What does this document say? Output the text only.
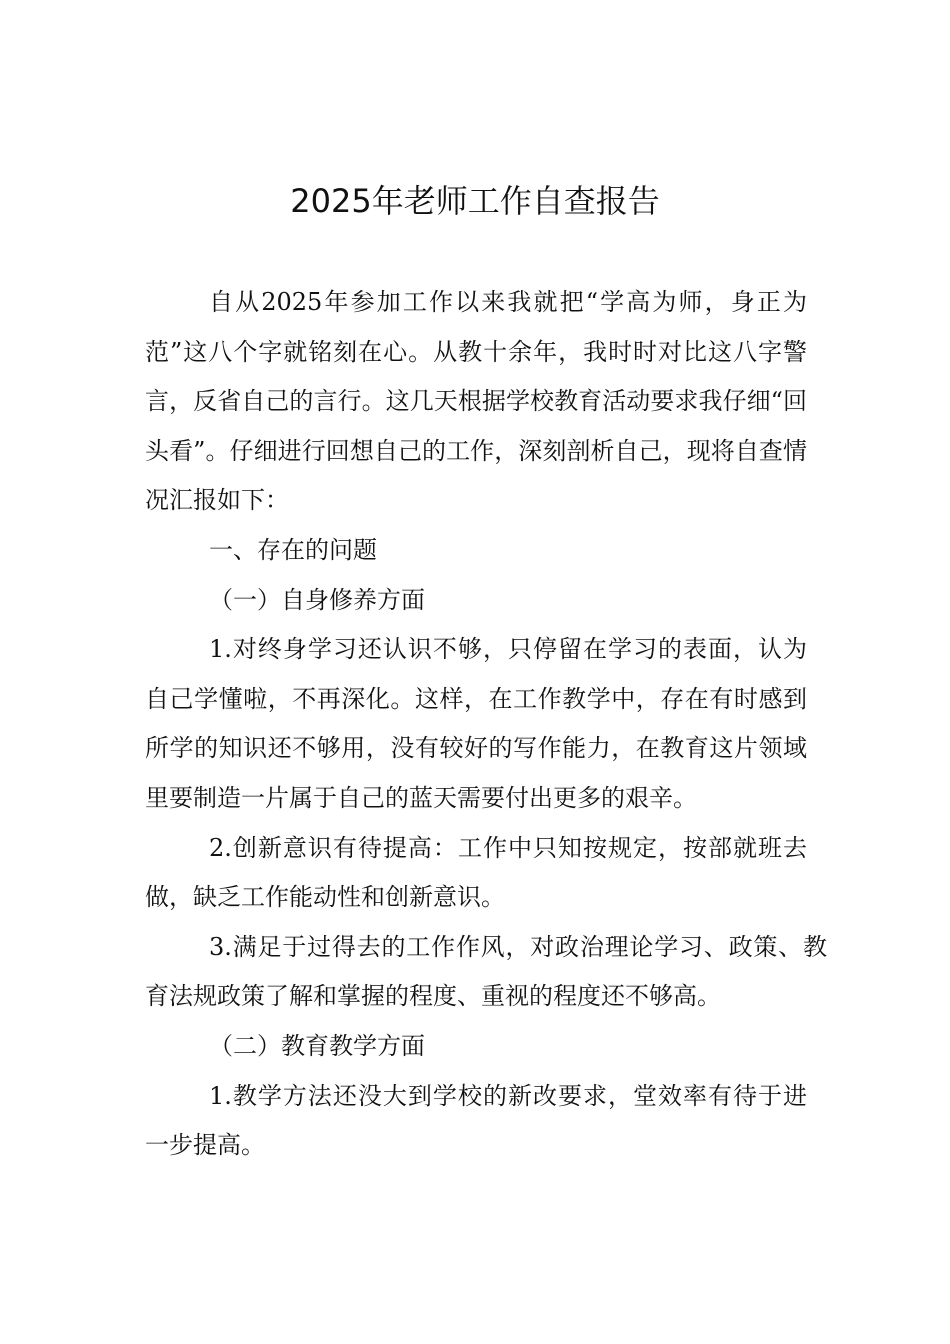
2025年老师工作自查报告

自从2025年参加工作以来我就把“学高为师，身正为范”这八个字就铭刻在心。从教十余年，我时时对比这八字警言，反省自己的言行。这几天根据学校教育活动要求我仔细“回头看”。仔细进行回想自己的工作，深刻剖析自己，现将自查情况汇报如下：

一、存在的问题

（一）自身修养方面

1.对终身学习还认识不够，只停留在学习的表面，认为自己学懂啦，不再深化。这样，在工作教学中，存在有时感到所学的知识还不够用，没有较好的写作能力，在教育这片领域里要制造一片属于自己的蓝天需要付出更多的艰辛。

2.创新意识有待提高：工作中只知按规定，按部就班去做，缺乏工作能动性和创新意识。

3.满足于过得去的工作作风，对政治理论学习、政策、教育法规政策了解和掌握的程度、重视的程度还不够高。

（二）教育教学方面

1.教学方法还没大到学校的新改要求，堂效率有待于进一步提高。
